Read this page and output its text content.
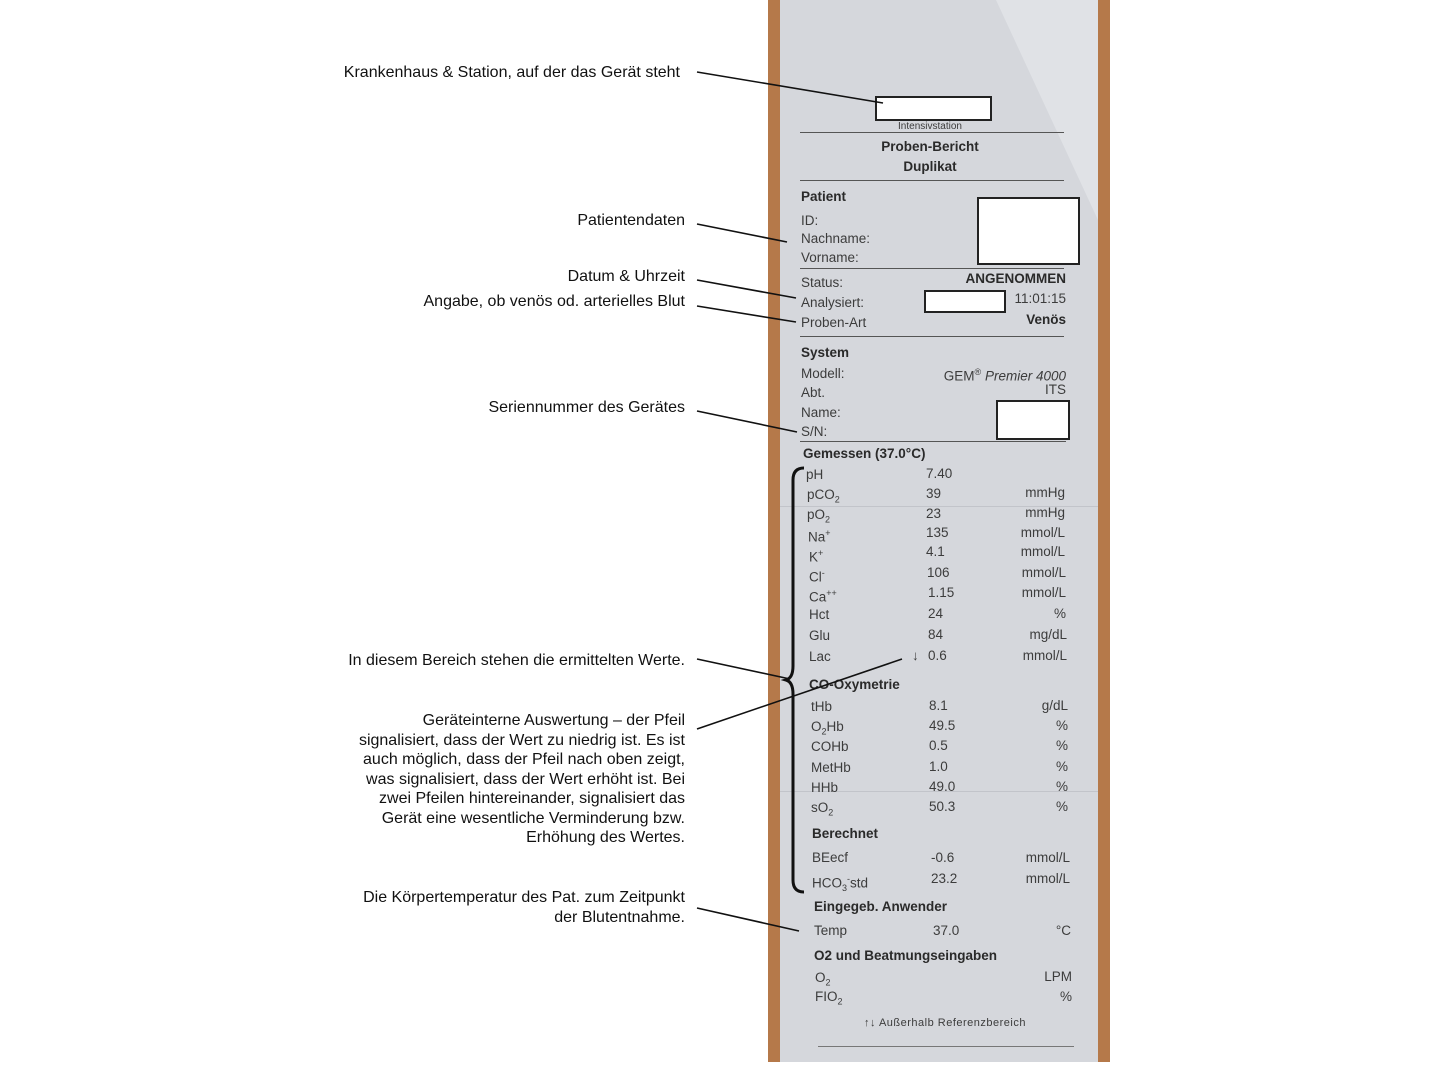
Intensivstation
Proben-Bericht
Duplikat
Patient
ID:
Nachname:
Vorname:
Status:	ANGENOMMEN
Analysiert:	11:01:15
Proben-Art	Venös
System
Modell:	GEM® Premier 4000
Abt.	ITS
Name:
S/N:
Gemessen (37.0°C)
pH	7.40
pCO$_2$	39	mmHg
$pO_2$	23	mmHg
Na+	135	mmol/L
K+	4.1	mmol/L
Cl-	106	mmol/L
Ca++	1.15	mmol/L
Hct	24	%
Glu	84	mg/dL
Lac	↓ 0.6	mmol/L
CO-Oxymetrie
tHb	8.1	g/dL
$O_2Hb$	49.5	%
COHb	0.5	%
MetHb	1.0	%
HHb	49.0	%
$sO_2$	50.3	%
Berechnet
BEecf	-0.6	mmol/L
$HCO_3^-std$	23.2	mmol/L
Eingegeb. Anwender
Temp	37.0	°C
O2 und Beatmungseingaben
$O_2$	LPM
$FIO_2$	%
↑↓ Außerhalb Referenzbereich
Krankenhaus & Station, auf der das Gerät steht
Patientendaten
Datum & Uhrzeit
Angabe, ob venös od. arterielles Blut
Seriennummer des Gerätes
In diesem Bereich stehen die ermittelten Werte.
Geräteinterne Auswertung – der Pfeil
signalisiert, dass der Wert zu niedrig ist. Es ist
auch möglich, dass der Pfeil nach oben zeigt,
was signalisiert, dass der Wert erhöht ist. Bei
zwei Pfeilen hintereinander, signalisiert das
Gerät eine wesentliche Verminderung bzw.
Erhöhung des Wertes.
Die Körpertemperatur des Pat. zum Zeitpunkt
der Blutentnahme.
